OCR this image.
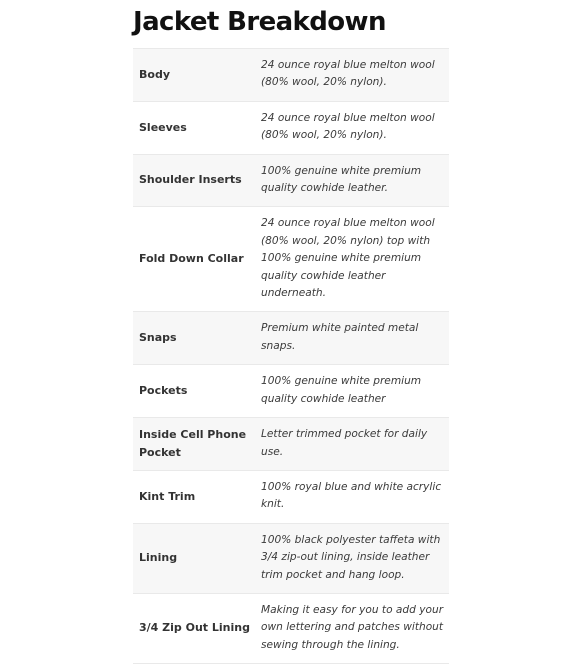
Jacket Breakdown
Body	24 ounce royal blue melton wool (80% wool, 20% nylon).
Sleeves	24 ounce royal blue melton wool (80% wool, 20% nylon).
Shoulder Inserts	100% genuine white premium quality cowhide leather.
Fold Down Collar	24 ounce royal blue melton wool (80% wool, 20% nylon) top with 100% genuine white premium quality cowhide leather underneath.
Snaps	Premium white painted metal snaps.
Pockets	100% genuine white premium quality cowhide leather
Inside Cell Phone Pocket	Letter trimmed pocket for daily use.
Kint Trim	100% royal blue and white acrylic knit.
Lining	100% black polyester taffeta with 3/4 zip-out lining, inside leather trim pocket and hang loop.
3/4 Zip Out Lining	Making it easy for you to add your own lettering and patches without sewing through the lining.
